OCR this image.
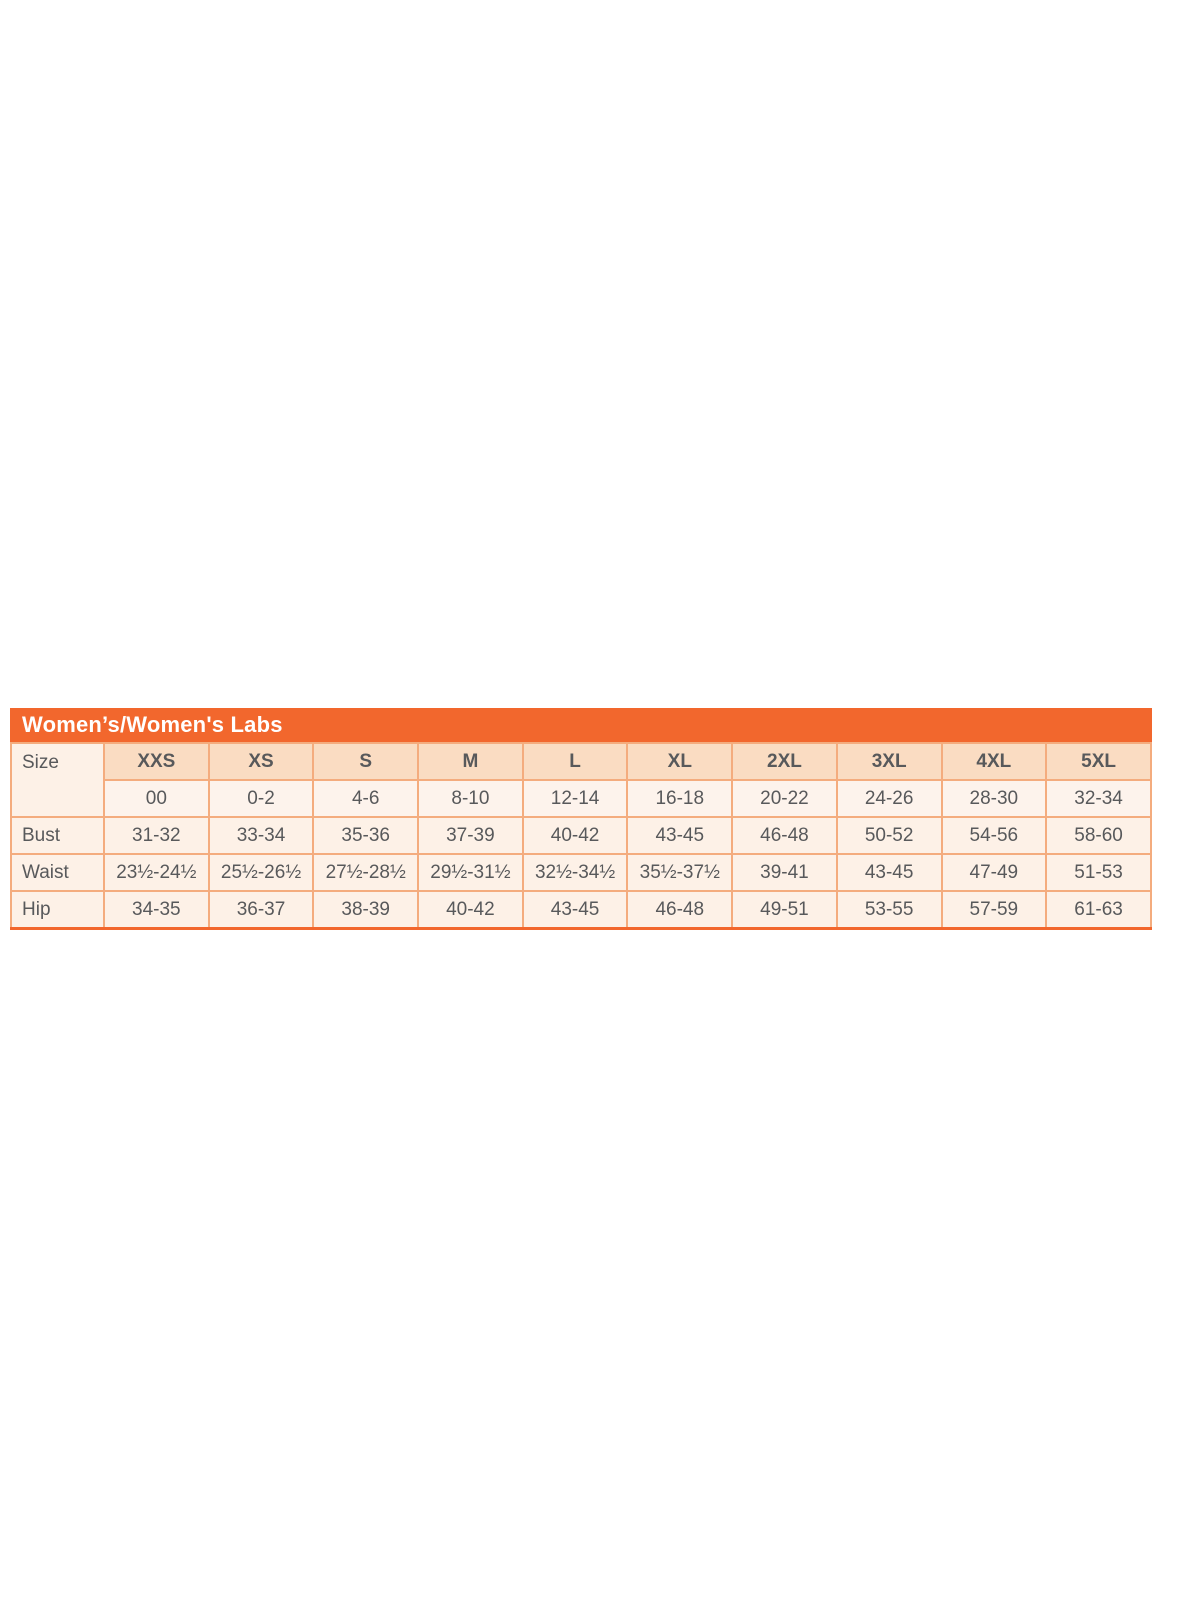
Women’s/Women's Labs
Size	XXS	XS	S	M	L	XL	2XL	3XL	4XL	5XL
	00	0-2	4-6	8-10	12-14	16-18	20-22	24-26	28-30	32-34
Bust	31-32	33-34	35-36	37-39	40-42	43-45	46-48	50-52	54-56	58-60
Waist	23½-24½	25½-26½	27½-28½	29½-31½	32½-34½	35½-37½	39-41	43-45	47-49	51-53
Hip	34-35	36-37	38-39	40-42	43-45	46-48	49-51	53-55	57-59	61-63
